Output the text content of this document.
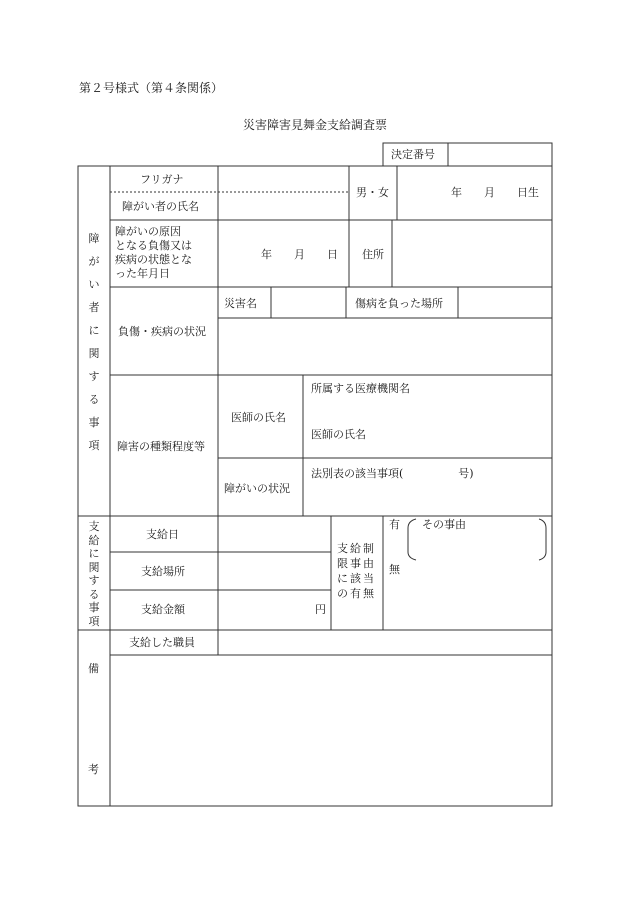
第２号様式（第４条関係）
災害障害見舞金支給調査票
決定番号
障
が
い
者
に
関
す
る
事
項
フリガナ
障がい者の氏名
男・女	年　　月　　日生
障がいの原因
となる負傷又は
疾病の状態とな
った年月日
年　　月　　日 住所
災害名	傷病を負った場所
負傷・疾病の状況
所属する医療機関名
医師の氏名
医師の氏名
障害の種類程度等
法別表の該当事項(　　　　　号)
障がいの状況
支
給
に
関
す
る
事
項
支給日
支給場所
支給金額	円
支給制
限事由
に該当
の有無
有 その事由
無
支給した職員
備
考
